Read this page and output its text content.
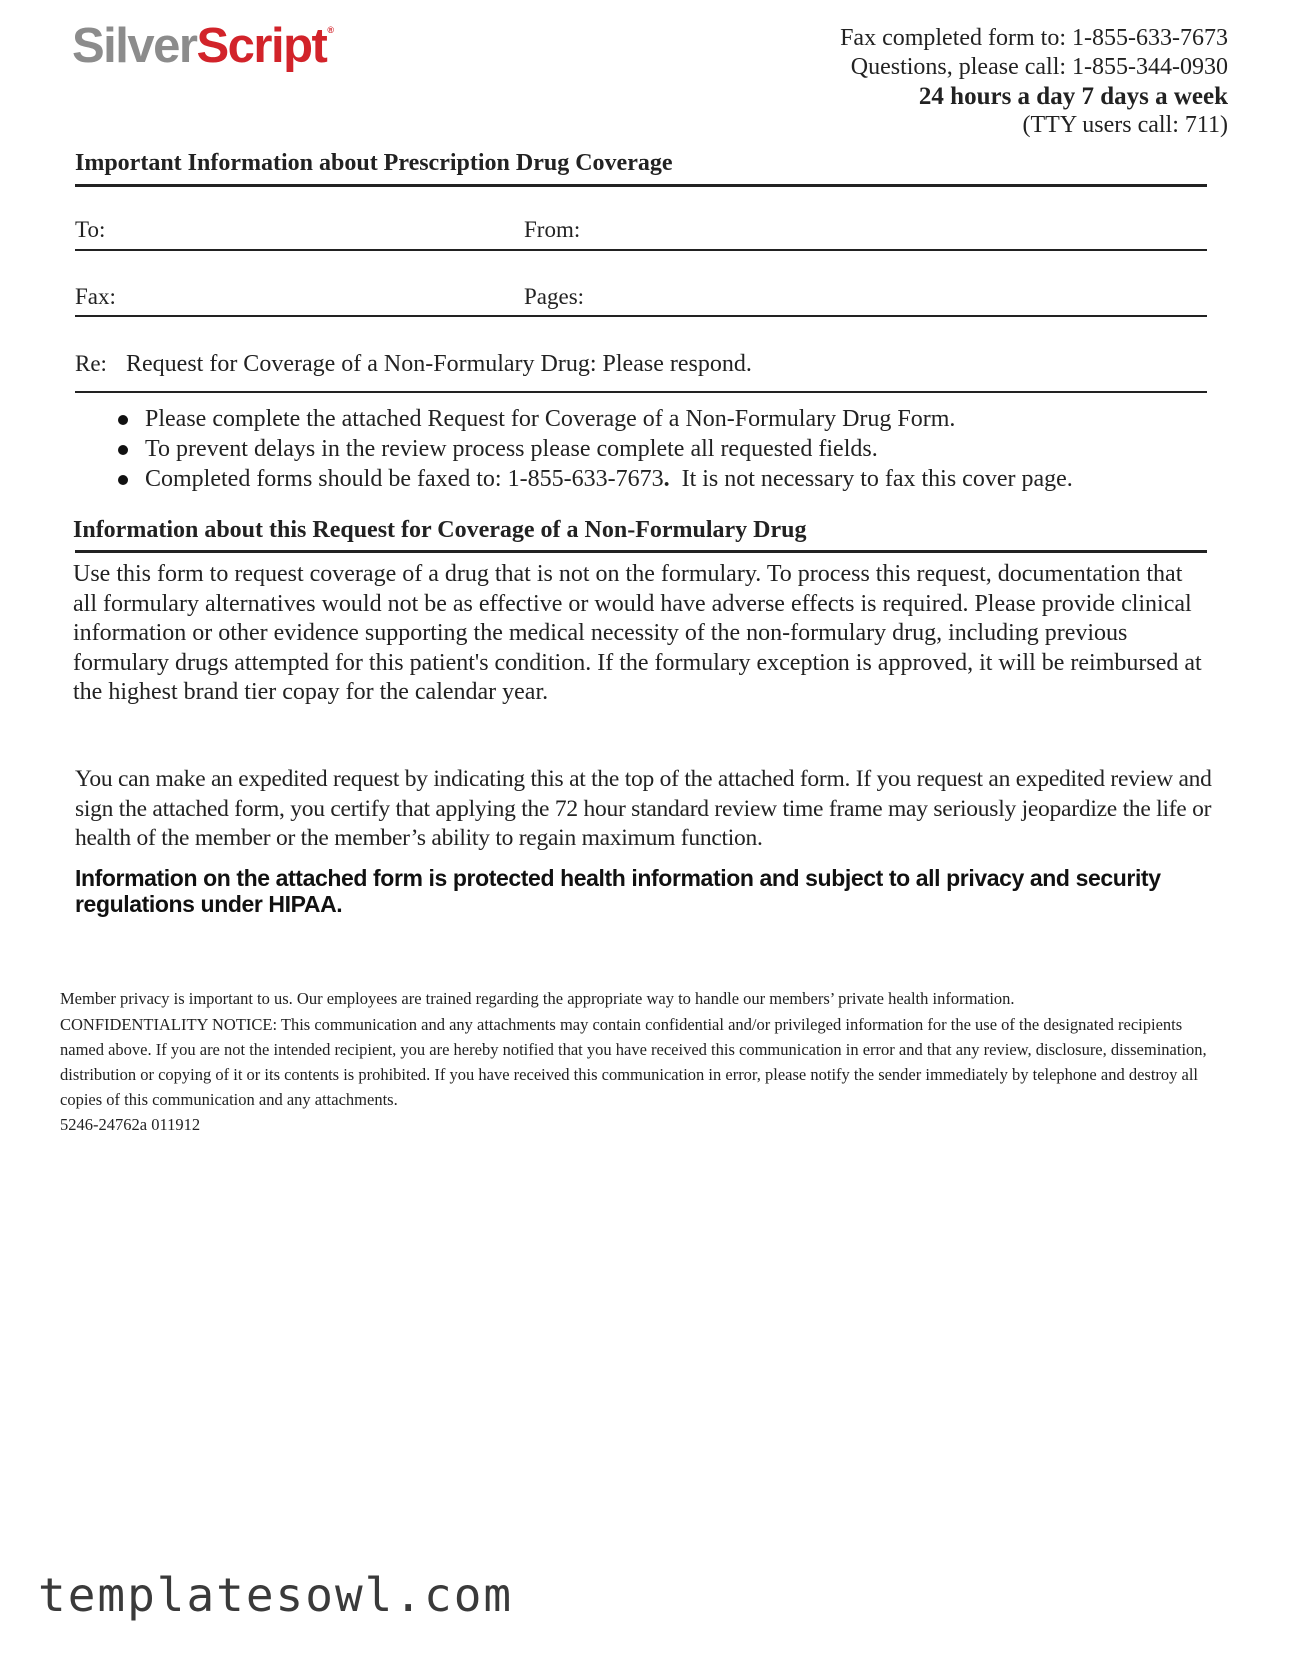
SilverScript®	Fax completed form to: 1-855-633-7673
Questions, please call: 1-855-344-0930
24 hours a day 7 days a week
(TTY users call: 711)
Important Information about Prescription Drug Coverage
To:	From:
Fax:	Pages:
Re: Request for Coverage of a Non-Formulary Drug: Please respond.
Please complete the attached Request for Coverage of a Non-Formulary Drug Form.
To prevent delays in the review process please complete all requested fields.
Completed forms should be faxed to: 1-855-633-7673. It is not necessary to fax this cover page.
Information about this Request for Coverage of a Non-Formulary Drug

Use this form to request coverage of a drug that is not on the formulary. To process this request, documentation that all formulary alternatives would not be as effective or would have adverse effects is required. Please provide clinical information or other evidence supporting the medical necessity of the non-formulary drug, including previous formulary drugs attempted for this patient's condition. If the formulary exception is approved, it will be reimbursed at the highest brand tier copay for the calendar year.

You can make an expedited request by indicating this at the top of the attached form. If you request an expedited review and sign the attached form, you certify that applying the 72 hour standard review time frame may seriously jeopardize the life or health of the member or the member’s ability to regain maximum function.

Information on the attached form is protected health information and subject to all privacy and security regulations under HIPAA.

Member privacy is important to us. Our employees are trained regarding the appropriate way to handle our members’ private health information.

CONFIDENTIALITY NOTICE: This communication and any attachments may contain confidential and/or privileged information for the use of the designated recipients named above. If you are not the intended recipient, you are hereby notified that you have received this communication in error and that any review, disclosure, dissemination, distribution or copying of it or its contents is prohibited. If you have received this communication in error, please notify the sender immediately by telephone and destroy all copies of this communication and any attachments.

5246-24762a 011912

templatesowl.com
